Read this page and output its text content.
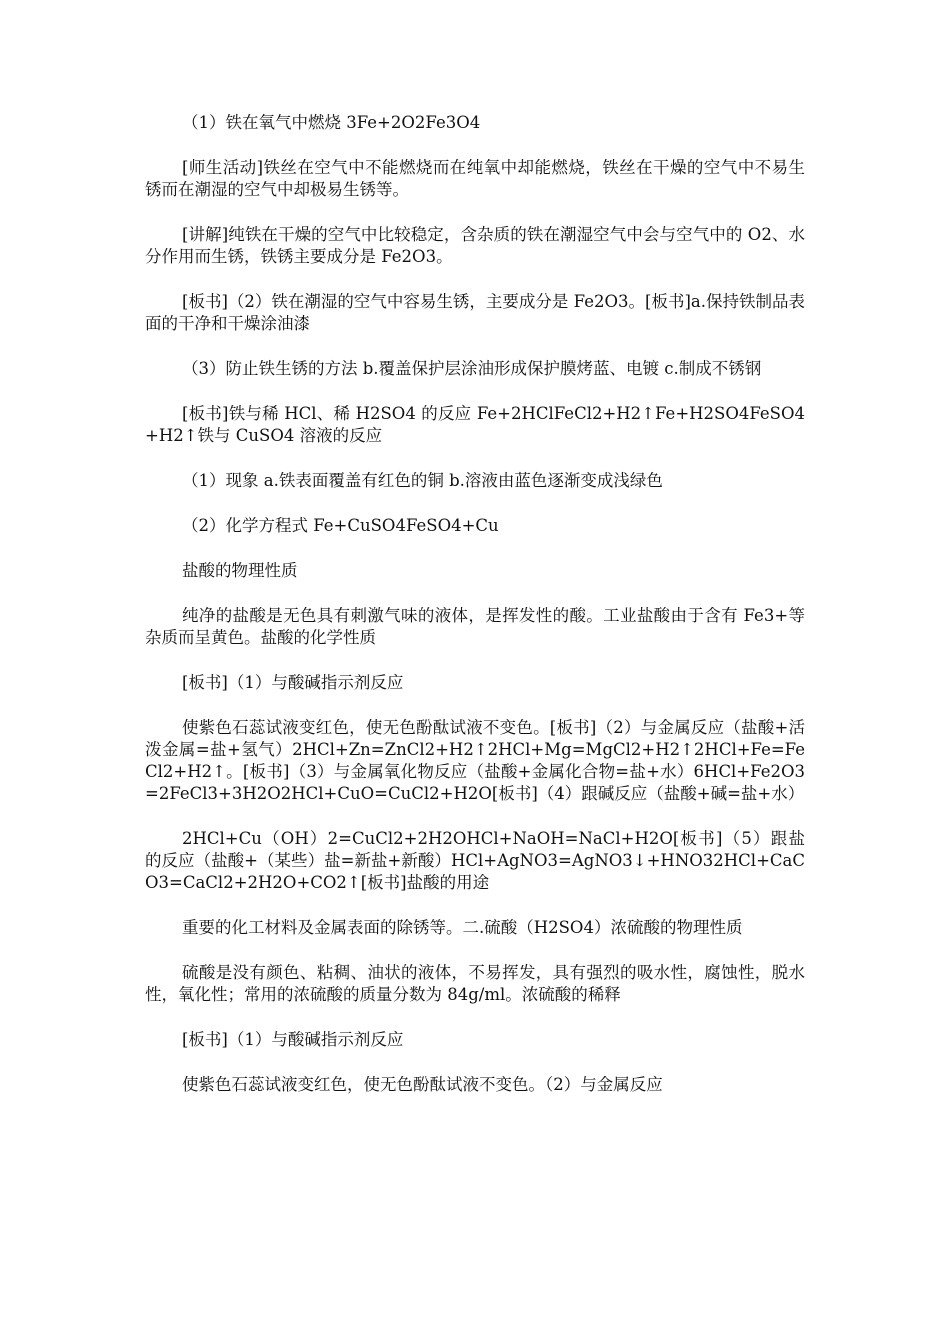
（1）铁在氧气中燃烧 3Fe+2O2Fe3O4

[师生活动]铁丝在空气中不能燃烧而在纯氧中却能燃烧，铁丝在干燥的空气中不易生锈而在潮湿的空气中却极易生锈等。

[讲解]纯铁在干燥的空气中比较稳定，含杂质的铁在潮湿空气中会与空气中的 O2、水分作用而生锈，铁锈主要成分是 Fe2O3。

[板书]（2）铁在潮湿的空气中容易生锈，主要成分是 Fe2O3。[板书]a.保持铁制品表面的干净和干燥涂油漆

（3）防止铁生锈的方法 b.覆盖保护层涂油形成保护膜烤蓝、电镀 c.制成不锈钢

[板书]铁与稀 HCl、稀 H2SO4 的反应 Fe+2HClFeCl2+H2↑Fe+H2SO4FeSO4+H2↑铁与 CuSO4 溶液的反应

（1）现象 a.铁表面覆盖有红色的铜 b.溶液由蓝色逐渐变成浅绿色

（2）化学方程式 Fe+CuSO4FeSO4+Cu

盐酸的物理性质

纯净的盐酸是无色具有刺激气味的液体，是挥发性的酸。工业盐酸由于含有 Fe3+等杂质而呈黄色。盐酸的化学性质

[板书]（1）与酸碱指示剂反应

使紫色石蕊试液变红色，使无色酚酞试液不变色。[板书]（2）与金属反应（盐酸+活泼金属=盐+氢气）2HCl+Zn=ZnCl2+H2↑2HCl+Mg=MgCl2+H2↑2HCl+Fe=FeCl2+H2↑。[板书]（3）与金属氧化物反应（盐酸+金属化合物=盐+水）6HCl+Fe2O3=2FeCl3+3H2O2HCl+CuO=CuCl2+H2O[板书]（4）跟碱反应（盐酸+碱=盐+水）

2HCl+Cu（OH）2=CuCl2+2H2OHCl+NaOH=NaCl+H2O[板书]（5）跟盐的反应（盐酸+（某些）盐=新盐+新酸）HCl+AgNO3=AgNO3↓+HNO32HCl+CaCO3=CaCl2+2H2O+CO2↑[板书]盐酸的用途

重要的化工材料及金属表面的除锈等。二.硫酸（H2SO4）浓硫酸的物理性质

硫酸是没有颜色、粘稠、油状的液体，不易挥发，具有强烈的吸水性，腐蚀性，脱水性，氧化性；常用的浓硫酸的质量分数为 84g/ml。浓硫酸的稀释

[板书]（1）与酸碱指示剂反应

使紫色石蕊试液变红色，使无色酚酞试液不变色。（2）与金属反应
